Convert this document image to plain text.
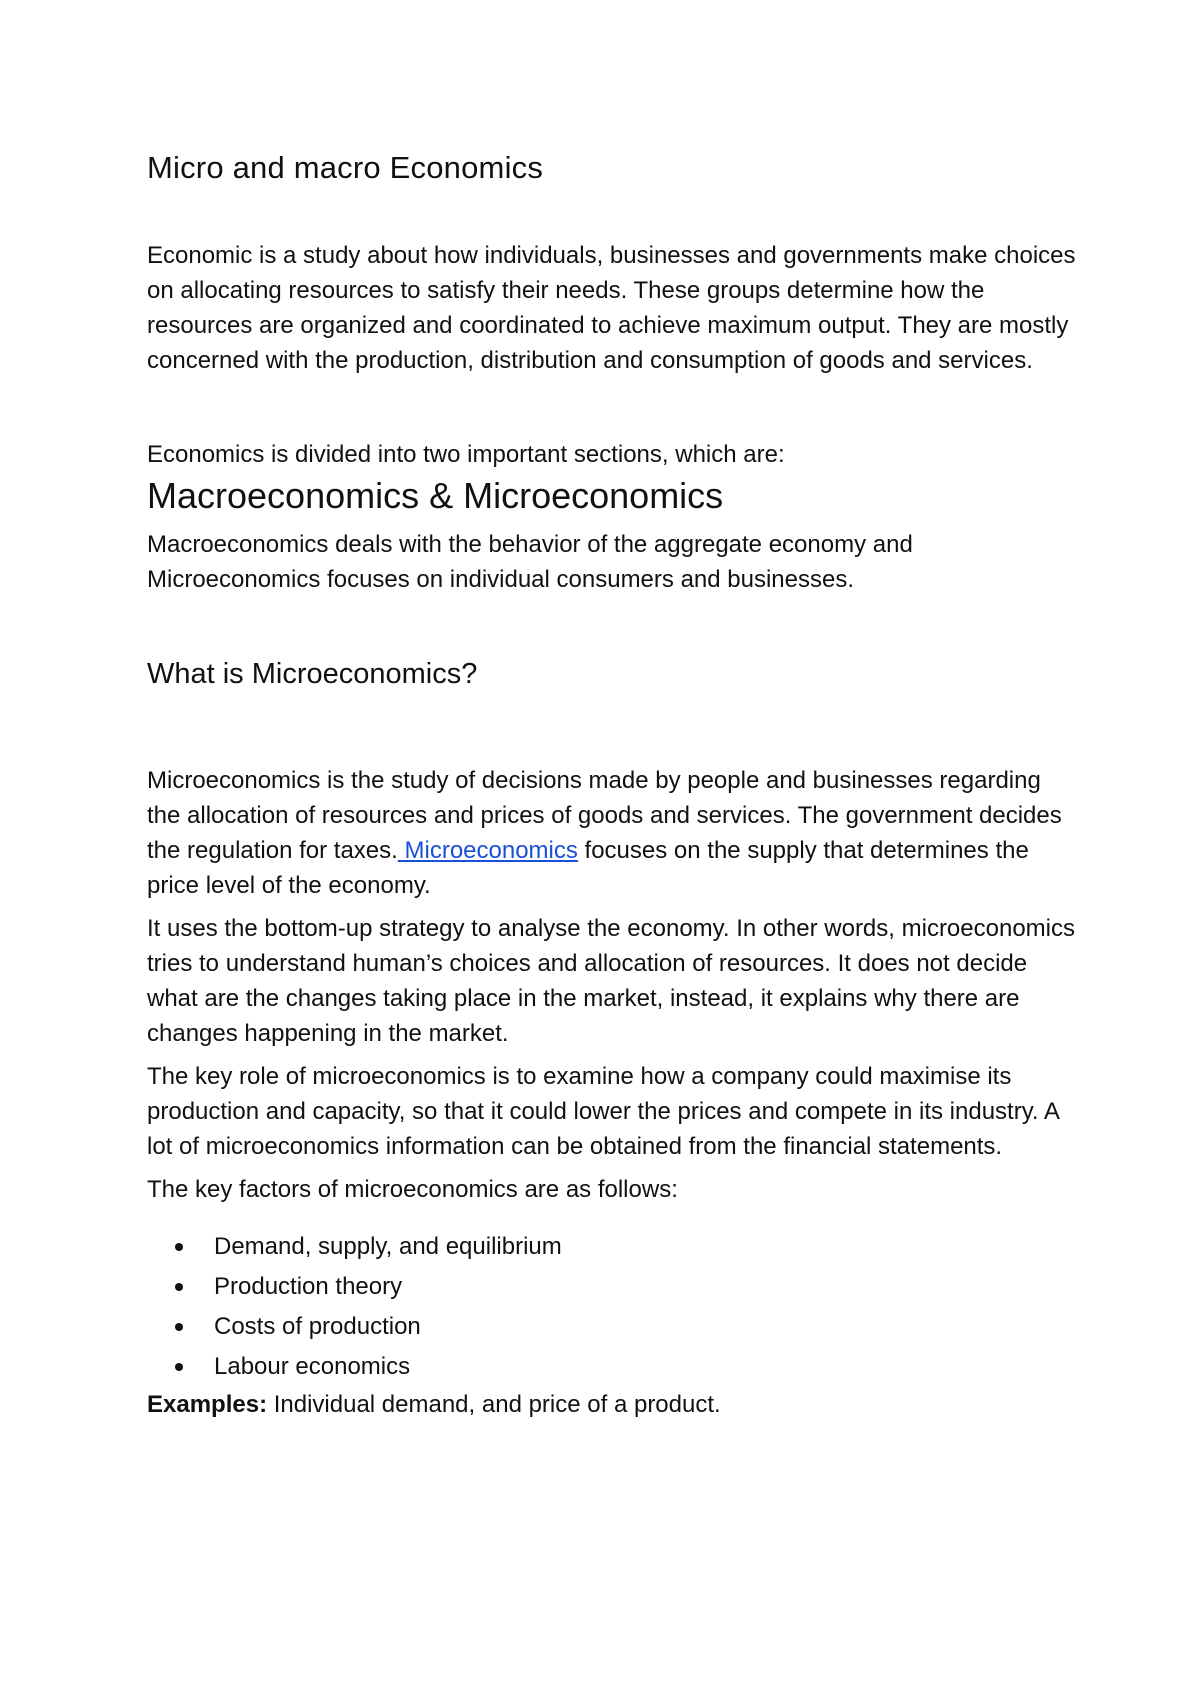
Micro and macro Economics

Economic is a study about how individuals, businesses and governments make choices on allocating resources to satisfy their needs. These groups determine how the resources are organized and coordinated to achieve maximum output. They are mostly concerned with the production, distribution and consumption of goods and services.

Economics is divided into two important sections, which are:

Macroeconomics & Microeconomics

Macroeconomics deals with the behavior of the aggregate economy and Microeconomics focuses on individual consumers and businesses.

What is Microeconomics?

Microeconomics is the study of decisions made by people and businesses regarding the allocation of resources and prices of goods and services. The government decides the regulation for taxes. Microeconomics focuses on the supply that determines the price level of the economy.

It uses the bottom-up strategy to analyse the economy. In other words, microeconomics tries to understand human’s choices and allocation of resources. It does not decide what are the changes taking place in the market, instead, it explains why there are changes happening in the market.

The key role of microeconomics is to examine how a company could maximise its production and capacity, so that it could lower the prices and compete in its industry. A lot of microeconomics information can be obtained from the financial statements.

The key factors of microeconomics are as follows:

Demand, supply, and equilibrium
Production theory
Costs of production
Labour economics

Examples: Individual demand, and price of a product.
